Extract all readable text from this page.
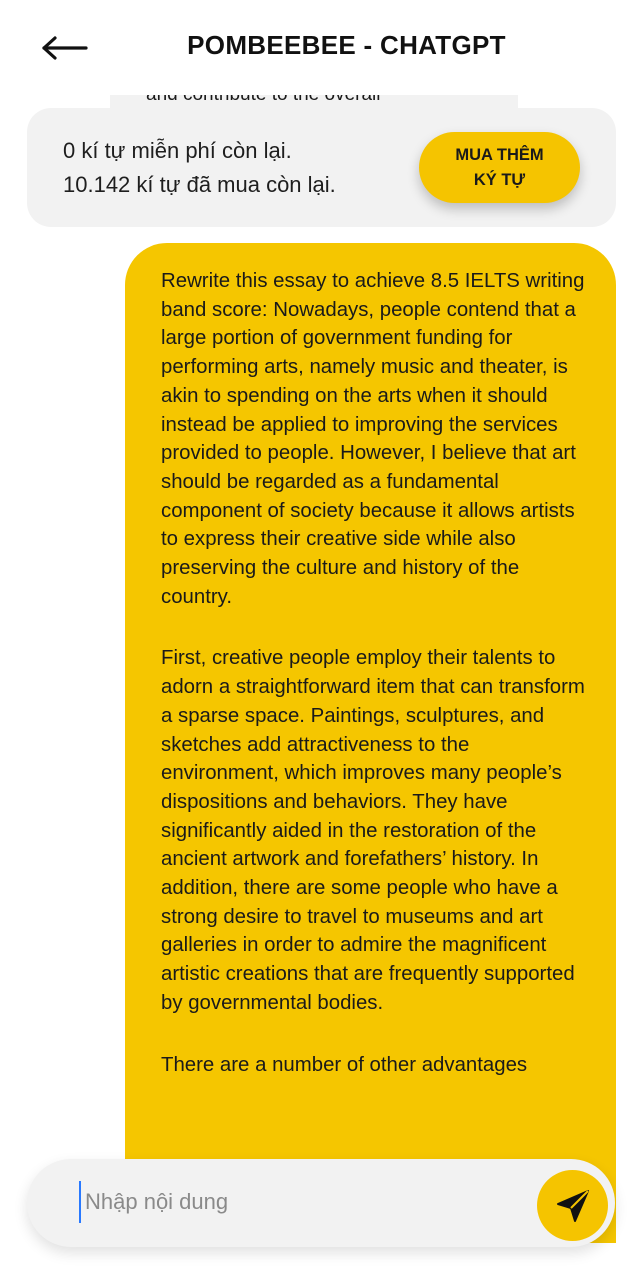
POMBEEBEE - CHATGPT
0 kí tự miễn phí còn lại.
10.142 kí tự đã mua còn lại.
MUA THÊM
KÝ TỰ

Rewrite this essay to achieve 8.5 IELTS writing band score: Nowadays, people contend that a large portion of government funding for performing arts, namely music and theater, is akin to spending on the arts when it should instead be applied to improving the services provided to people. However, I believe that art should be regarded as a fundamental component of society because it allows artists to express their creative side while also preserving the culture and history of the country.

First, creative people employ their talents to adorn a straightforward item that can transform a sparse space. Paintings, sculptures, and sketches add attractiveness to the environment, which improves many people’s dispositions and behaviors. They have significantly aided in the restoration of the ancient artwork and forefathers’ history. In addition, there are some people who have a strong desire to travel to museums and art galleries in order to admire the magnificent artistic creations that are frequently supported by governmental bodies.

There are a number of other advantages

Nhập nội dung
